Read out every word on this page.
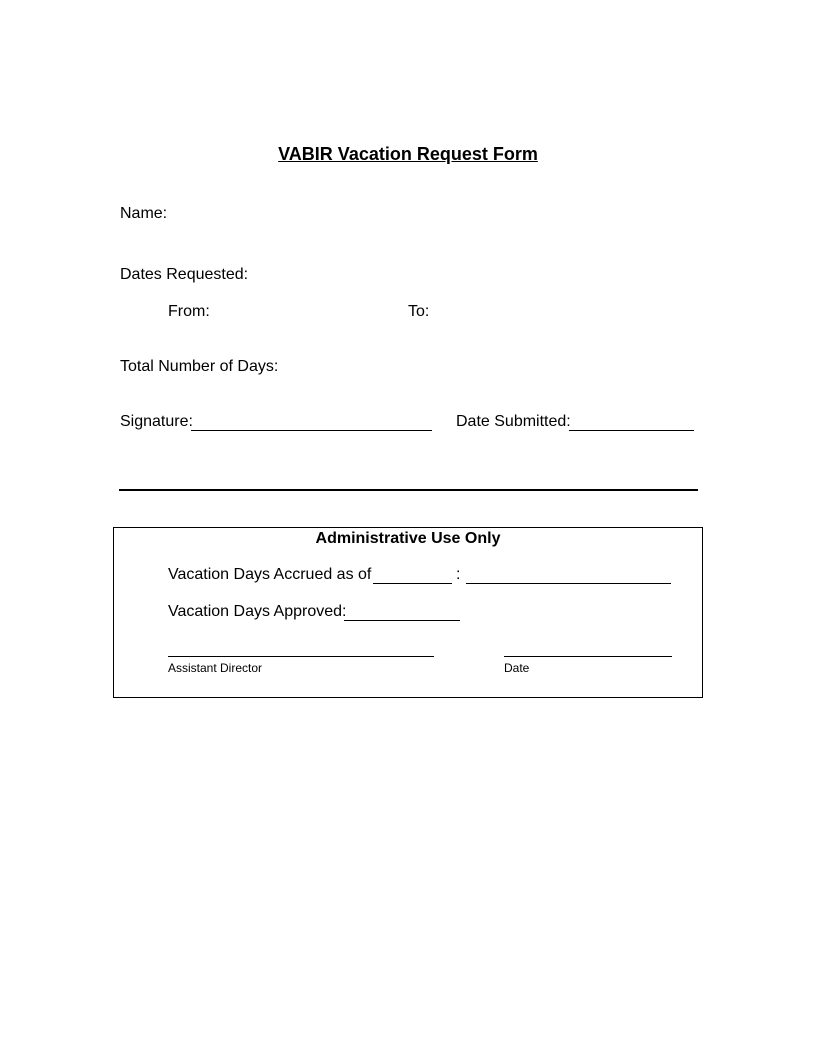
VABIR Vacation Request Form
Name:
Dates Requested:
From:	To:
Total Number of Days:
Signature:	Date Submitted:
Administrative Use Only
Vacation Days Accrued as of	:
Vacation Days Approved:
Assistant Director	Date
